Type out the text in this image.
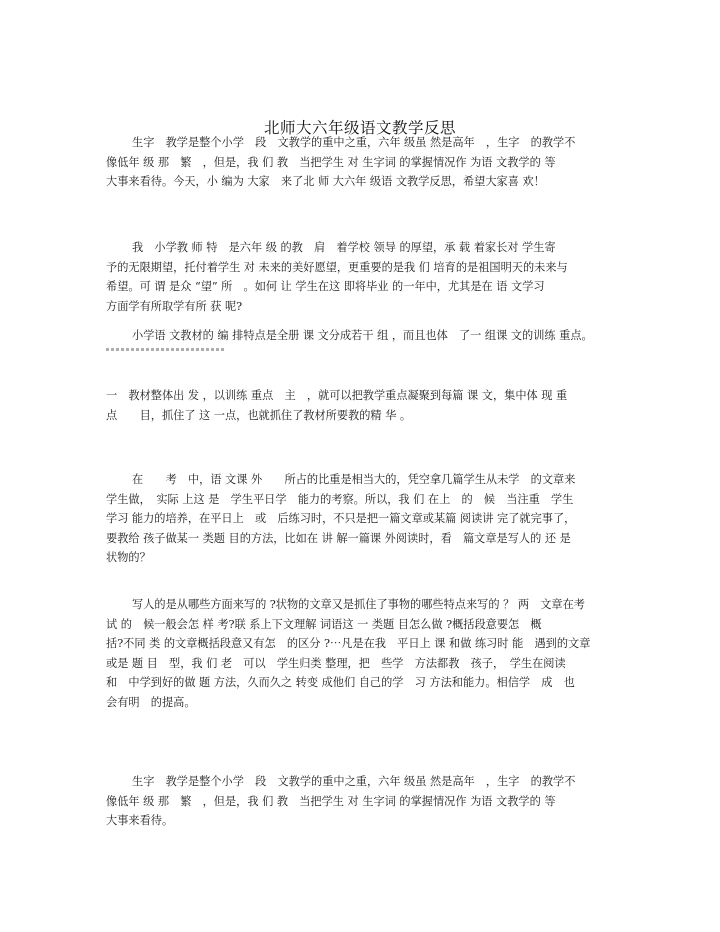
北师大六年级语文教学反思
生字　教学是整个小学　段　文教学的重中之重，六年 级虽 然是高年　，生字　的教学不
像低年 级 那　繁　，但是，我 们 教　当把学生 对 生字词 的掌握情况作 为语 文教学的 等
大事来看待。今天，小 编为 大家　来了北 师 大六年 级语 文教学反思，希望大家喜 欢！
我　小学教 师 特　是六年 级 的教　肩　着学校 领导 的厚望，承 载 着家长对 学生寄
予的无限期望，托付着学生 对 未来的美好愿望，更重要的是我 们 培育的是祖国明天的未来与
希望。可 谓 是众 “望” 所　。如何 让 学生在这 即将毕业 的一年中，尤其是在 语 文学习
方面学有所取学有所 获 呢?
小学语 文教材的 编 排特点是全册 课 文分成若干 组 ，而且也体　了一 组课 文的训练 重点。
一　教材整体出 发 ，以训练 重点　主　，就可以把教学重点凝聚到每篇 课 文，集中体 现 重
点　　目，抓住了 这 一点，也就抓住了教材所要教的精 华 。
在　　考　中，语 文课 外　　所占的比重是相当大的，凭空拿几篇学生从未学　的文章来
学生做，　实际 上这 是　学生平日学　能力的考察。所以，我 们 在上　的　候　当注重　学生
学习 能力的培养，在平日上　或　后练习时，不只是把一篇文章或某篇 阅读讲 完了就完事了，
要教给 孩子做某一 类题 目的方法，比如在 讲 解一篇课 外阅读时，看　篇文章是写人的 还 是
状物的？
写人的是从哪些方面来写的 ?状物的文章又是抓住了事物的哪些特点来写的 ？ 两　文章在考
试 的　候一般会怎 样 考?联 系上下文理解 词语这 一 类题 目怎么做 ?概括段意要怎　概
括?不同 类 的文章概括段意又有怎　的区分 ?⋯凡是在我　平日上 课 和做 练习时 能　遇到的文章
或是 题 目　型，我 们 老　可以　学生归类 整理，把　些学　方法都教　孩子，　学生在阅读
和　中学到好的做 题 方法，久而久之 转变 成他们 自己的学　习 方法和能力。相信学　成　也
会有明　的提高。
生字　教学是整个小学　段　文教学的重中之重，六年 级虽 然是高年　，生字　的教学不
像低年 级 那　繁　，但是，我 们 教　当把学生 对 生字词 的掌握情况作 为语 文教学的 等
大事来看待。
